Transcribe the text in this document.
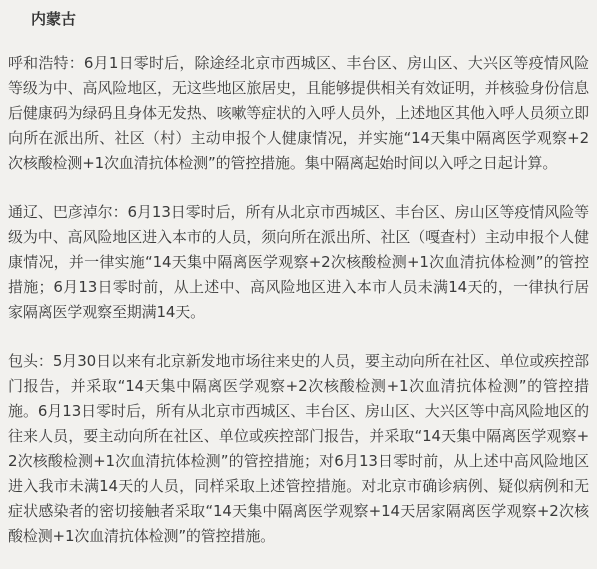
内蒙古

呼和浩特：6月1日零时后，除途经北京市西城区、丰台区、房山区、大兴区等疫情风险等级为中、高风险地区，无这些地区旅居史，且能够提供相关有效证明，并核验身份信息后健康码为绿码且身体无发热、咳嗽等症状的入呼人员外，上述地区其他入呼人员须立即向所在派出所、社区（村）主动申报个人健康情况，并实施“14天集中隔离医学观察+2次核酸检测+1次血清抗体检测”的管控措施。集中隔离起始时间以入呼之日起计算。

通辽、巴彦淖尔：6月13日零时后，所有从北京市西城区、丰台区、房山区等疫情风险等级为中、高风险地区进入本市的人员，须向所在派出所、社区（嘎查村）主动申报个人健康情况，并一律实施“14天集中隔离医学观察+2次核酸检测+1次血清抗体检测”的管控措施；6月13日零时前，从上述中、高风险地区进入本市人员未满14天的，一律执行居家隔离医学观察至期满14天。

包头：5月30日以来有北京新发地市场往来史的人员，要主动向所在社区、单位或疾控部门报告，并采取“14天集中隔离医学观察+2次核酸检测+1次血清抗体检测”的管控措施。6月13日零时后，所有从北京市西城区、丰台区、房山区、大兴区等中高风险地区的往来人员，要主动向所在社区、单位或疾控部门报告，并采取“14天集中隔离医学观察+2次核酸检测+1次血清抗体检测”的管控措施；对6月13日零时前，从上述中高风险地区进入我市未满14天的人员，同样采取上述管控措施。对北京市确诊病例、疑似病例和无症状感染者的密切接触者采取“14天集中隔离医学观察+14天居家隔离医学观察+2次核酸检测+1次血清抗体检测”的管控措施。
